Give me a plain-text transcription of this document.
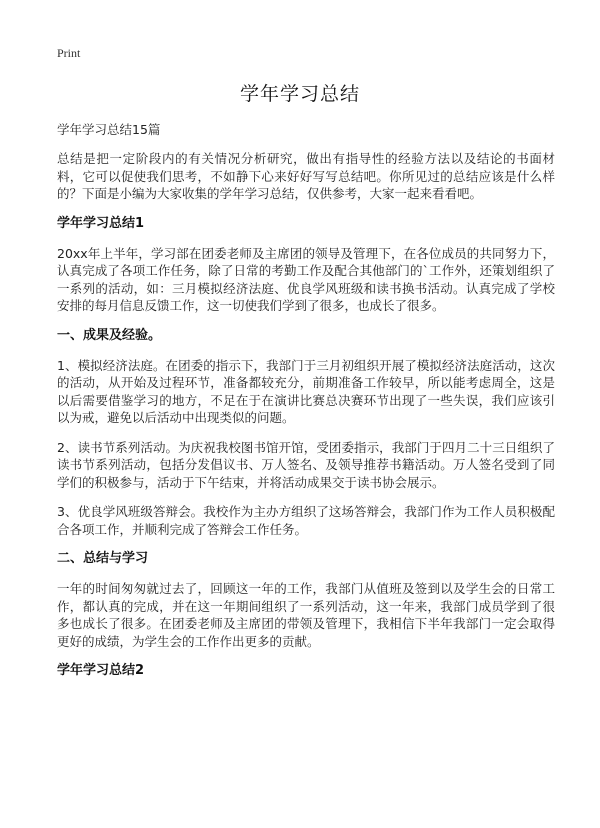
Print
学年学习总结
学年学习总结15篇

总结是把一定阶段内的有关情况分析研究，做出有指导性的经验方法以及结论的书面材料，它可以促使我们思考，不如静下心来好好写写总结吧。你所见过的总结应该是什么样的？下面是小编为大家收集的学年学习总结，仅供参考，大家一起来看看吧。

学年学习总结1

20xx年上半年，学习部在团委老师及主席团的领导及管理下，在各位成员的共同努力下，认真完成了各项工作任务，除了日常的考勤工作及配合其他部门的`工作外，还策划组织了一系列的活动，如：三月模拟经济法庭、优良学风班级和读书换书活动。认真完成了学校安排的每月信息反馈工作，这一切使我们学到了很多，也成长了很多。

一、成果及经验。

1、模拟经济法庭。在团委的指示下，我部门于三月初组织开展了模拟经济法庭活动，这次的活动，从开始及过程环节，准备都较充分，前期准备工作较早，所以能考虑周全，这是以后需要借鉴学习的地方，不足在于在演讲比赛总决赛环节出现了一些失误，我们应该引以为戒，避免以后活动中出现类似的问题。

2、读书节系列活动。为庆祝我校图书馆开馆，受团委指示，我部门于四月二十三日组织了读书节系列活动，包括分发倡议书、万人签名、及领导推荐书籍活动。万人签名受到了同学们的积极参与，活动于下午结束，并将活动成果交于读书协会展示。

3、优良学风班级答辩会。我校作为主办方组织了这场答辩会，我部门作为工作人员积极配合各项工作，并顺利完成了答辩会工作任务。

二、总结与学习

一年的时间匆匆就过去了，回顾这一年的工作，我部门从值班及签到以及学生会的日常工作，都认真的完成，并在这一年期间组织了一系列活动，这一年来，我部门成员学到了很多也成长了很多。在团委老师及主席团的带领及管理下，我相信下半年我部门一定会取得更好的成绩，为学生会的工作作出更多的贡献。

学年学习总结2
